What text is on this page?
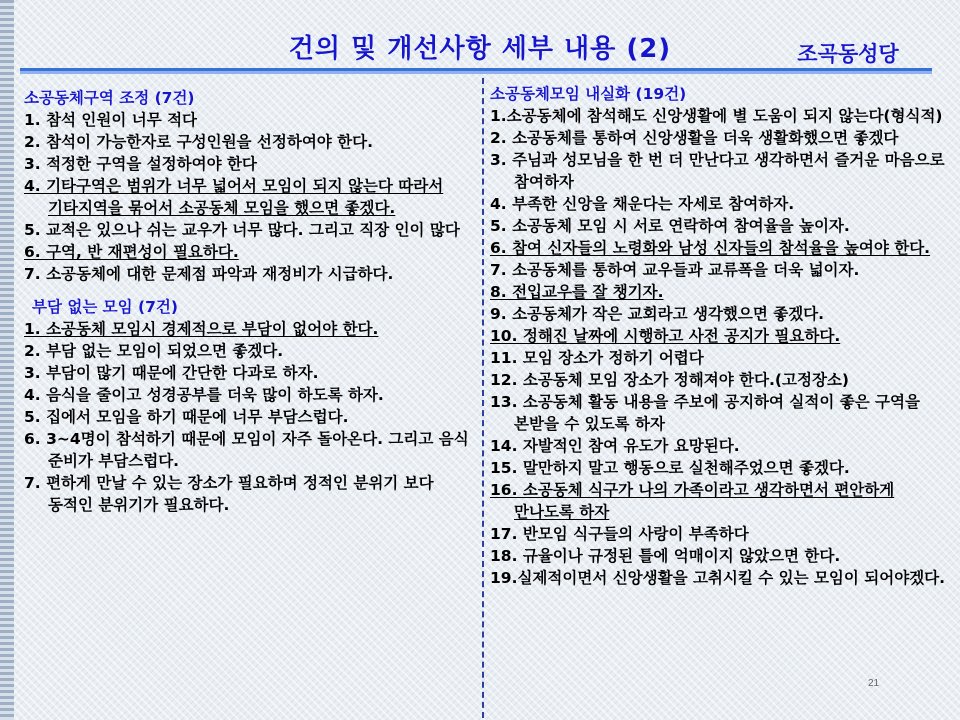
건의 및 개선사항 세부 내용 (2)	조곡동성당

소공동체구역 조정 (7건)

1. 참석 인원이 너무 적다

2. 참석이 가능한자로 구성인원을 선정하여야 한다.

3. 적정한 구역을 설정하여야 한다

4. 기타구역은 범위가 너무 넓어서 모임이 되지 않는다 따라서 기타지역을 묶어서 소공동체 모임을 했으면 좋겠다.

5. 교적은 있으나 쉬는 교우가 너무 많다. 그리고 직장 인이 많다

6. 구역, 반 재편성이 필요하다.

7. 소공동체에 대한 문제점 파악과 재정비가 시급하다.

부담 없는 모임 (7건)

1. 소공동체 모임시 경제적으로 부담이 없어야 한다.

2. 부담 없는 모임이 되었으면 좋겠다.

3. 부담이 많기 때문에 간단한 다과로 하자.

4. 음식을 줄이고 성경공부를 더욱 많이 하도록 하자.

5. 집에서 모임을 하기 때문에 너무 부담스럽다.

6. 3~4명이 참석하기 때문에 모임이 자주 돌아온다. 그리고 음식 준비가 부담스럽다.

7. 편하게 만날 수 있는 장소가 필요하며 정적인 분위기 보다 동적인 분위기가 필요하다.

소공동체모임 내실화 (19건)

1.소공동체에 참석해도 신앙생활에 별 도움이 되지 않는다(형식적)

2. 소공동체를 통하여 신앙생활을 더욱 생활화했으면 좋겠다

3. 주님과 성모님을 한 번 더 만난다고 생각하면서 즐거운 마음으로 참여하자

4. 부족한 신앙을 채운다는 자세로 참여하자.

5. 소공동체 모임 시 서로 연락하여 참여율을 높이자.

6. 참여 신자들의 노령화와 남성 신자들의 참석율을 높여야 한다.

7. 소공동체를 통하여 교우들과 교류폭을 더욱 넓이자.

8. 전입교우를 잘 챙기자.

9. 소공동체가 작은 교회라고 생각했으면 좋겠다.

10. 정해진 날짜에 시행하고 사전 공지가 필요하다.

11. 모임 장소가 정하기 어렵다

12. 소공동체 모임 장소가 정해져야 한다.(고정장소)

13. 소공동체 활동 내용을 주보에 공지하여 실적이 좋은 구역을 본받을 수 있도록 하자

14. 자발적인 참여 유도가 요망된다.

15. 말만하지 말고 행동으로 실천해주었으면 좋겠다.

16. 소공동체 식구가 나의 가족이라고 생각하면서 편안하게 만나도록 하자

17. 반모임 식구들의 사랑이 부족하다

18. 규율이나 규정된 틀에 억매이지 않았으면 한다.

19.실제적이면서 신앙생활을 고취시킬 수 있는 모임이 되어야겠다.

21
